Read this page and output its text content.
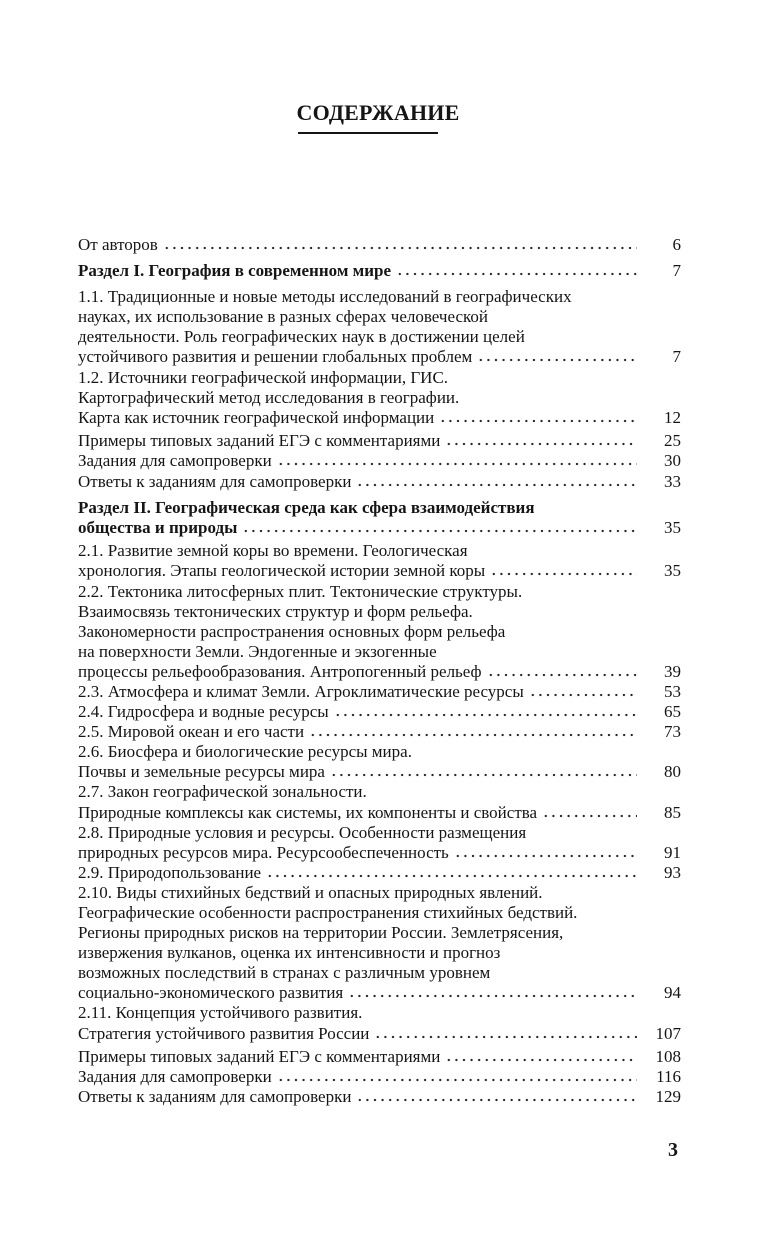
СОДЕРЖАНИЕ
От авторов	6
Раздел I. География в современном мире	7
1.1. Традиционные и новые методы исследований в географических
науках, их использование в разных сферах человеческой
деятельности. Роль географических наук в достижении целей
устойчивого развития и решении глобальных проблем	7
1.2. Источники географической информации, ГИС.
Картографический метод исследования в географии.
Карта как источник географической информации	12
Примеры типовых заданий ЕГЭ с комментариями	25
Задания для самопроверки	30
Ответы к заданиям для самопроверки	33
Раздел II. Географическая среда как сфера взаимодействия
общества и природы	35
2.1. Развитие земной коры во времени. Геологическая
хронология. Этапы геологической истории земной коры	35
2.2. Тектоника литосферных плит. Тектонические структуры.
Взаимосвязь тектонических структур и форм рельефа.
Закономерности распространения основных форм рельефа
на поверхности Земли. Эндогенные и экзогенные
процессы рельефообразования. Антропогенный рельеф	39
2.3. Атмосфера и климат Земли. Агроклиматические ресурсы	53
2.4. Гидросфера и водные ресурсы	65
2.5. Мировой океан и его части	73
2.6. Биосфера и биологические ресурсы мира.
Почвы и земельные ресурсы мира	80
2.7. Закон географической зональности.
Природные комплексы как системы, их компоненты и свойства	85
2.8. Природные условия и ресурсы. Особенности размещения
природных ресурсов мира. Ресурсообеспеченность	91
2.9. Природопользование	93
2.10. Виды стихийных бедствий и опасных природных явлений.
Географические особенности распространения стихийных бедствий.
Регионы природных рисков на территории России. Землетрясения,
извержения вулканов, оценка их интенсивности и прогноз
возможных последствий в странах с различным уровнем
социально-экономического развития	94
2.11. Концепция устойчивого развития.
Стратегия устойчивого развития России	107
Примеры типовых заданий ЕГЭ с комментариями	108
Задания для самопроверки	116
Ответы к заданиям для самопроверки	129
3
